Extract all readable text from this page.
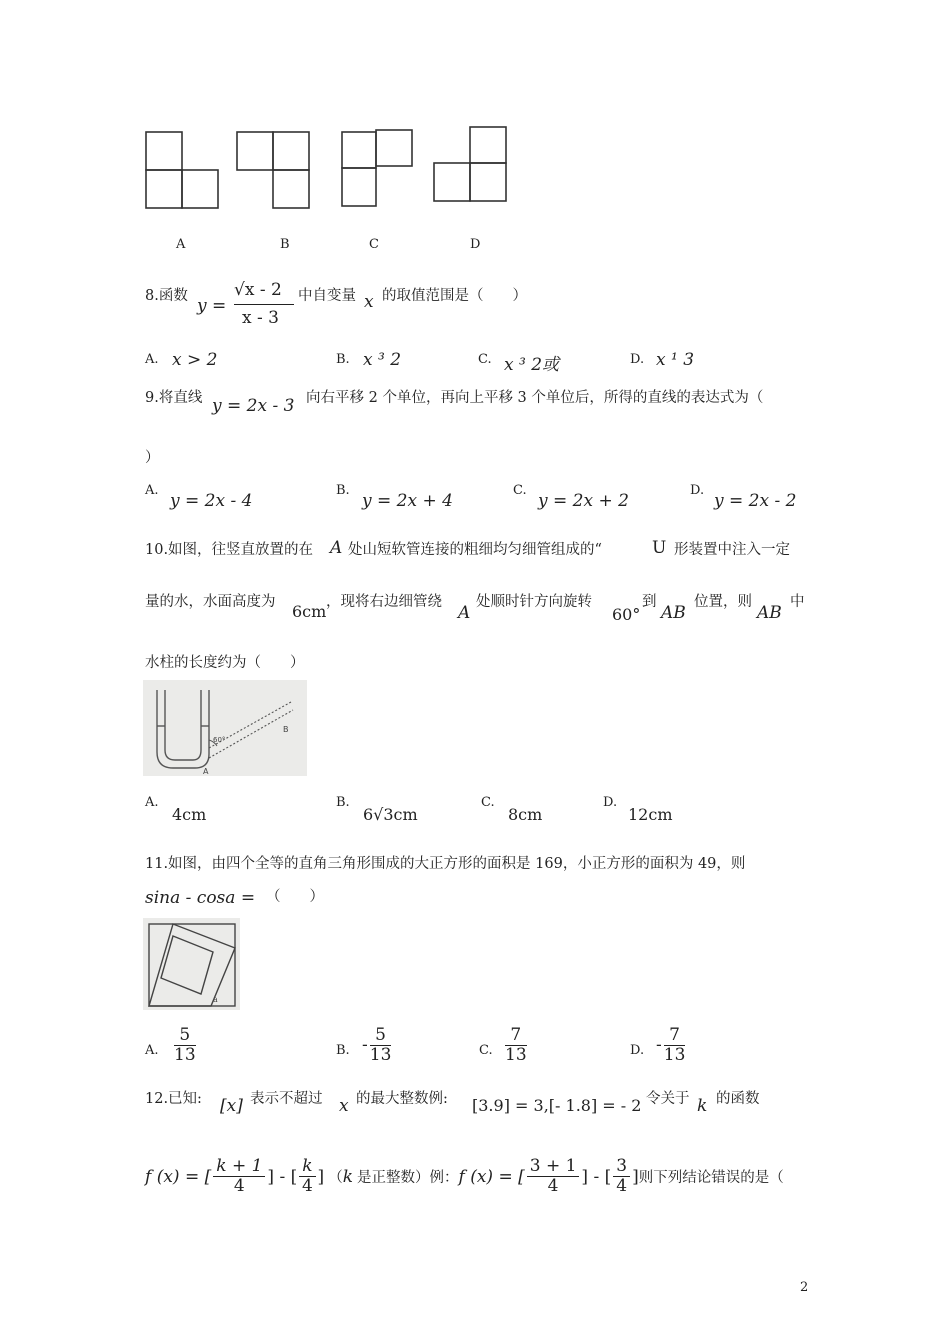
A	B	C	D
8.函数 y =
√x - 2
x - 3
中自变量 x 的取值范围是（　　）
A. x > 2	B. x ³ 2	C. x ³ 2或	D. x ¹ 3
9.将直线 y = 2x - 3 向右平移 2 个单位，再向上平移 3 个单位后，所得的直线的表达式为（
）
A.
y = 2x - 4
B.
y = 2x + 4
C.
y = 2x + 2
D.
y = 2x - 2
10.如图，往竖直放置的在 A 处山短软管连接的粗细均匀细管组成的“	U 形装置中注入一定
量的水，水面高度为 6cm ，现将右边细管绕
A
处顺时针方向旋转
60°
到
AB
位置，则
AB
中
水柱的长度约为（　　）
60°
B
A
A.
4cm
B.
6√3cm
C.
8cm
D.
12cm
11.如图，由四个全等的直角三角形围成的大正方形的面积是 169，小正方形的面积为 49，则
sina - cosa = （　　）
a
A. $\frac{5}{13}$	B. - $\frac{5}{13}$	C. $\frac{7}{13}$	D. - $\frac{7}{13}$
12.已知: [x] 表示不超过 x 的最大整数例: [3.9] = 3,[- 1.8] = - 2 令关于 k 的函数
f (x) = [ $\frac{k + 1}{4}$ ] - [ $\frac{k}{4}$ ] （ k 是正整数）例： f (x) = [ $\frac{3 + 1}{4}$ ] - [ $\frac{3}{4}$ ] 则下列结论错误的是（
2
